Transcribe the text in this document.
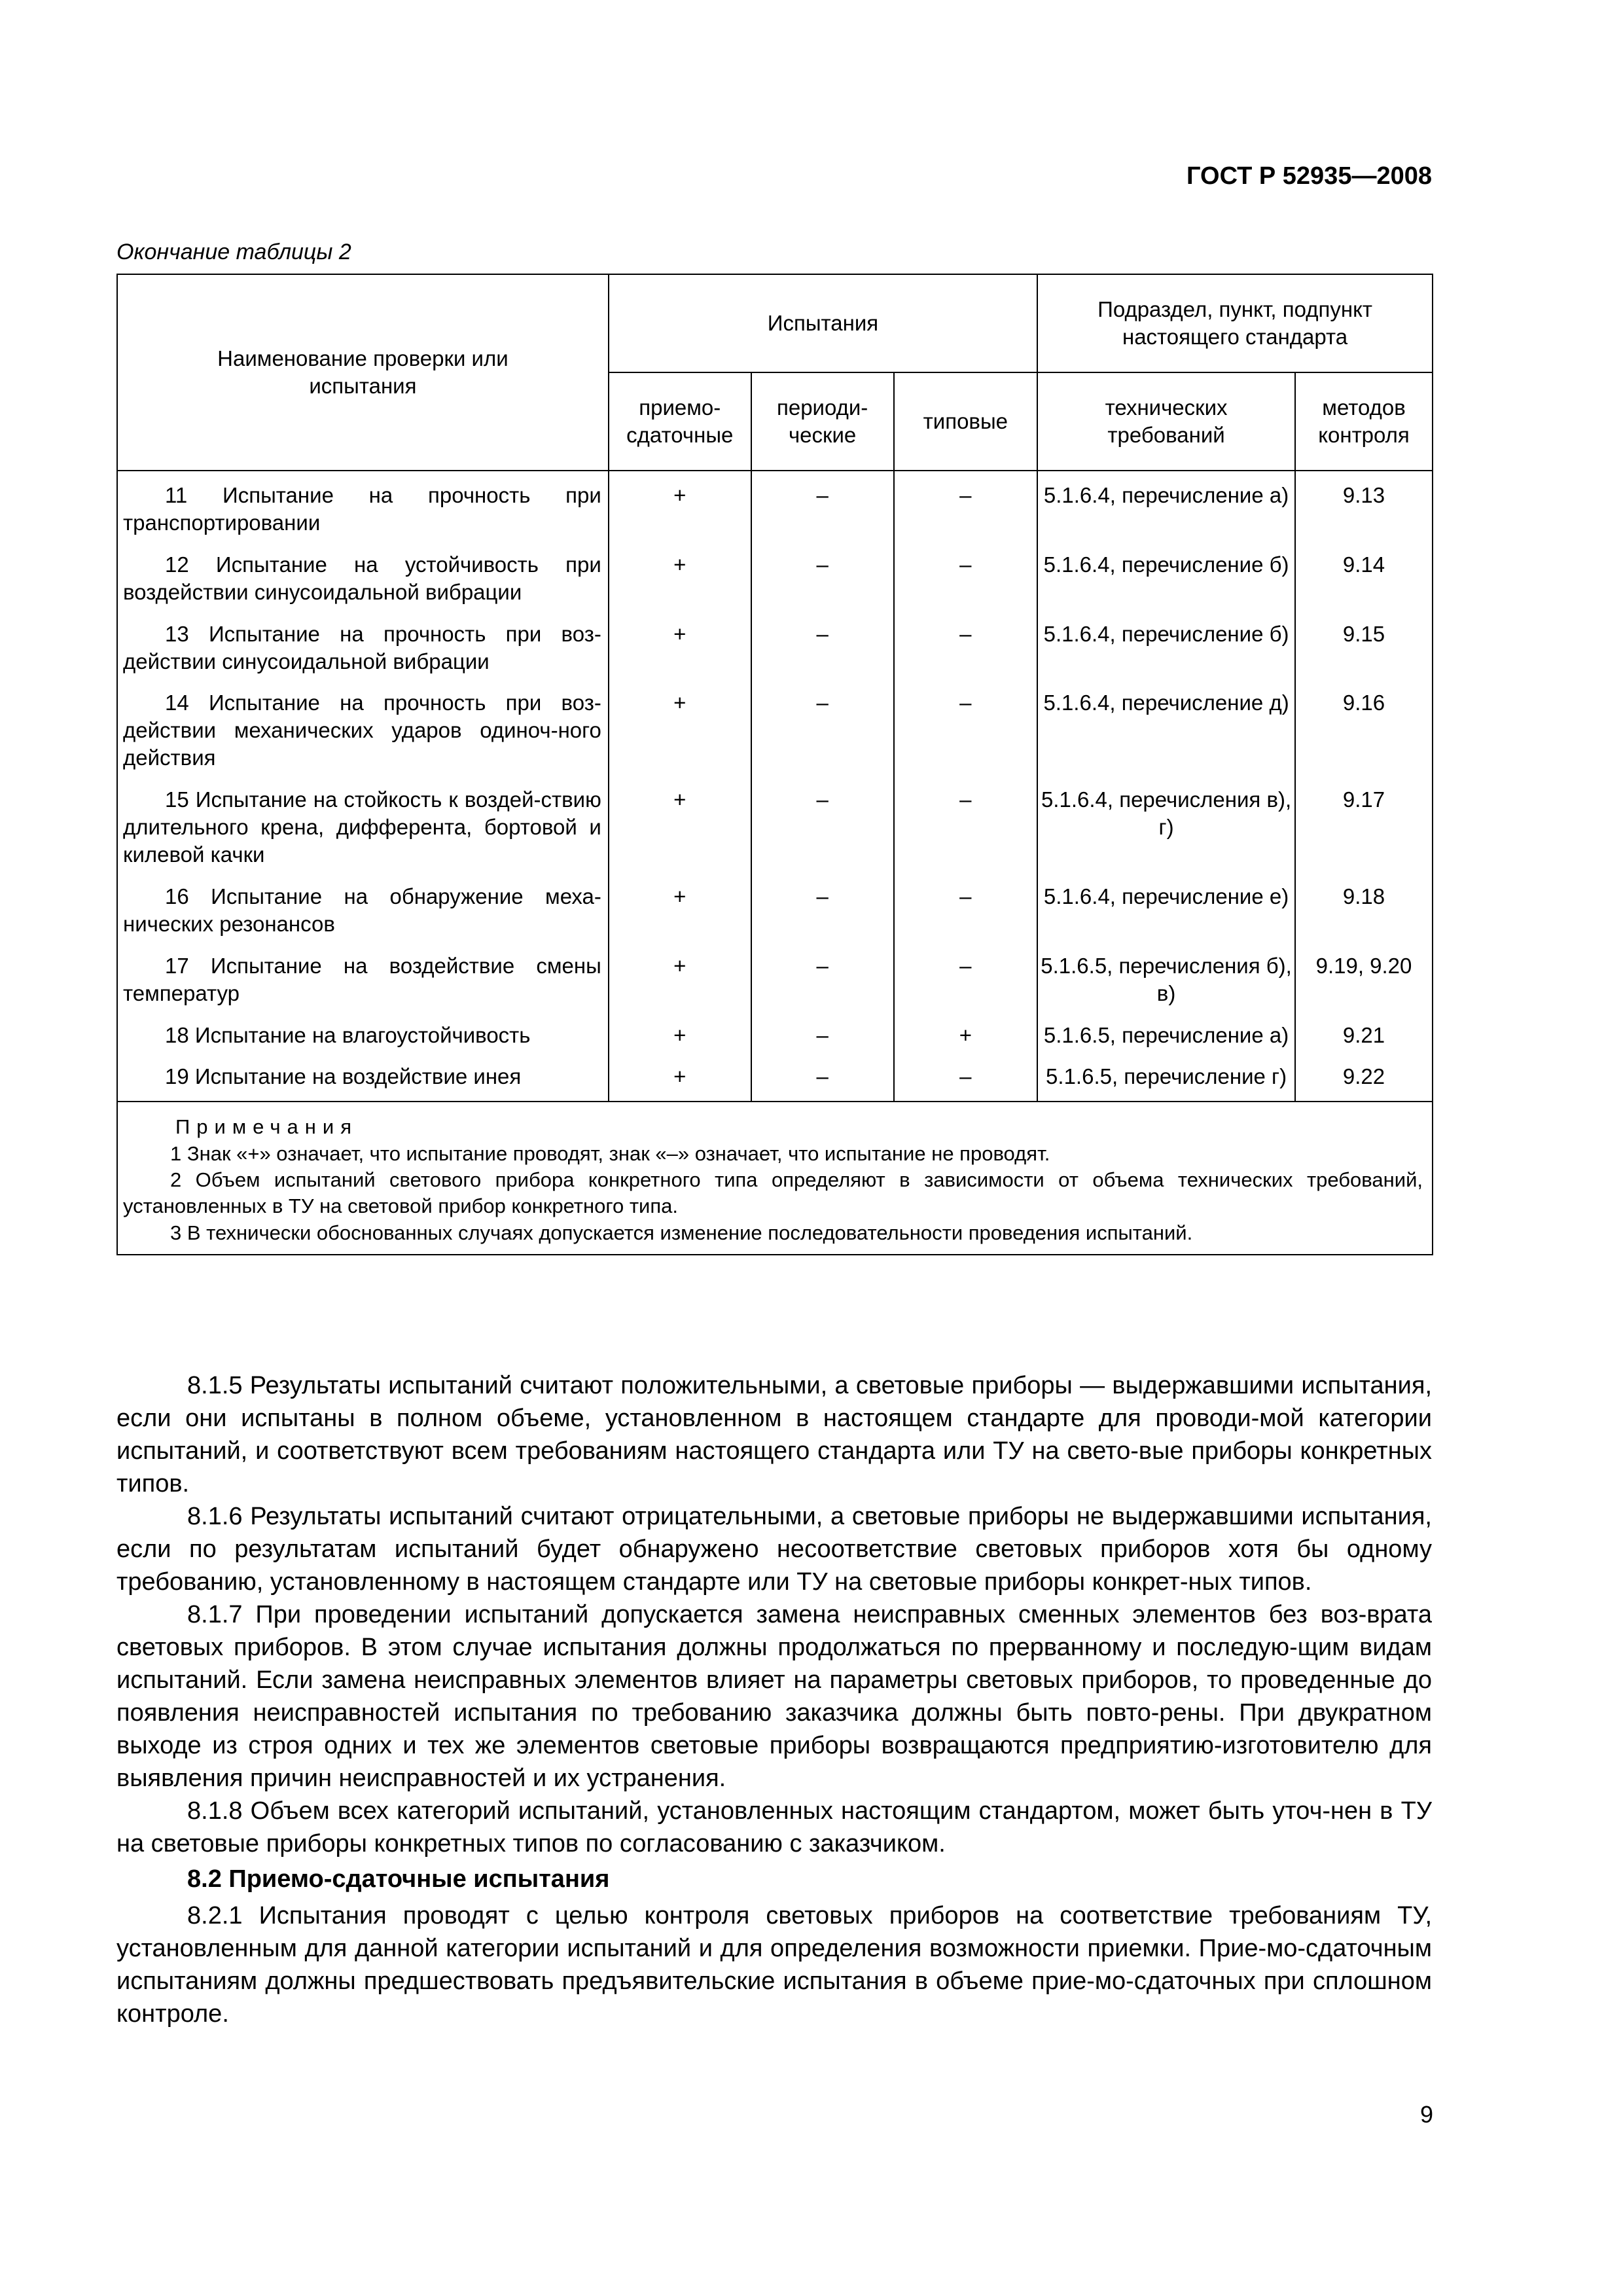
ГОСТ Р 52935—2008
Окончание таблицы 2
Наименование проверки или испытания	Испытания			Подраздел, пункт, подпункт настоящего стандарта	

	приемо-сдаточные	периоди-ческие	типовые	технических требований	методов контроля

11 Испытание на прочность при транспортировании	+	–	–	5.1.6.4, перечисление а)	9.13
12 Испытание на устойчивость при воздействии синусоидальной вибрации	+	–	–	5.1.6.4, перечисление б)	9.14
13 Испытание на прочность при воз-действии синусоидальной вибрации	+	–	–	5.1.6.4, перечисление б)	9.15
14 Испытание на прочность при воз-действии механических ударов одиноч-ного действия	+	–	–	5.1.6.4, перечисление д)	9.16
15 Испытание на стойкость к воздей-ствию длительного крена, дифферента, бортовой и килевой качки	+	–	–	5.1.6.4, перечисления в), г)	9.17
16 Испытание на обнаружение меха-нических резонансов	+	–	–	5.1.6.4, перечисление е)	9.18
17 Испытание на воздействие смены температур	+	–	–	5.1.6.5, перечисления б), в)	9.19, 9.20
18 Испытание на влагоустойчивость	+	–	+	5.1.6.5, перечисление а)	9.21
19 Испытание на воздействие инея	+	–	–	5.1.6.5, перечисление г)	9.22

Примечания
1 Знак «+» означает, что испытание проводят, знак «–» означает, что испытание не проводят.
2 Объем испытаний светового прибора конкретного типа определяют в зависимости от объема технических требований, установленных в ТУ на световой прибор конкретного типа.
3 В технически обоснованных случаях допускается изменение последовательности проведения испытаний.					

8.1.5 Результаты испытаний считают положительными, а световые приборы — выдержавшими испытания, если они испытаны в полном объеме, установленном в настоящем стандарте для проводи-мой категории испытаний, и соответствуют всем требованиям настоящего стандарта или ТУ на свето-вые приборы конкретных типов.

8.1.6 Результаты испытаний считают отрицательными, а световые приборы не выдержавшими испытания, если по результатам испытаний будет обнаружено несоответствие световых приборов хотя бы одному требованию, установленному в настоящем стандарте или ТУ на световые приборы конкрет-ных типов.

8.1.7 При проведении испытаний допускается замена неисправных сменных элементов без воз-врата световых приборов. В этом случае испытания должны продолжаться по прерванному и последую-щим видам испытаний. Если замена неисправных элементов влияет на параметры световых приборов, то проведенные до появления неисправностей испытания по требованию заказчика должны быть повто-рены. При двукратном выходе из строя одних и тех же элементов световые приборы возвращаются предприятию-изготовителю для выявления причин неисправностей и их устранения.

8.1.8 Объем всех категорий испытаний, установленных настоящим стандартом, может быть уточ-нен в ТУ на световые приборы конкретных типов по согласованию с заказчиком.

8.2 Приемо-сдаточные испытания

8.2.1 Испытания проводят с целью контроля световых приборов на соответствие требованиям ТУ, установленным для данной категории испытаний и для определения возможности приемки. Прие-мо-сдаточным испытаниям должны предшествовать предъявительские испытания в объеме прие-мо-сдаточных при сплошном контроле.

9
